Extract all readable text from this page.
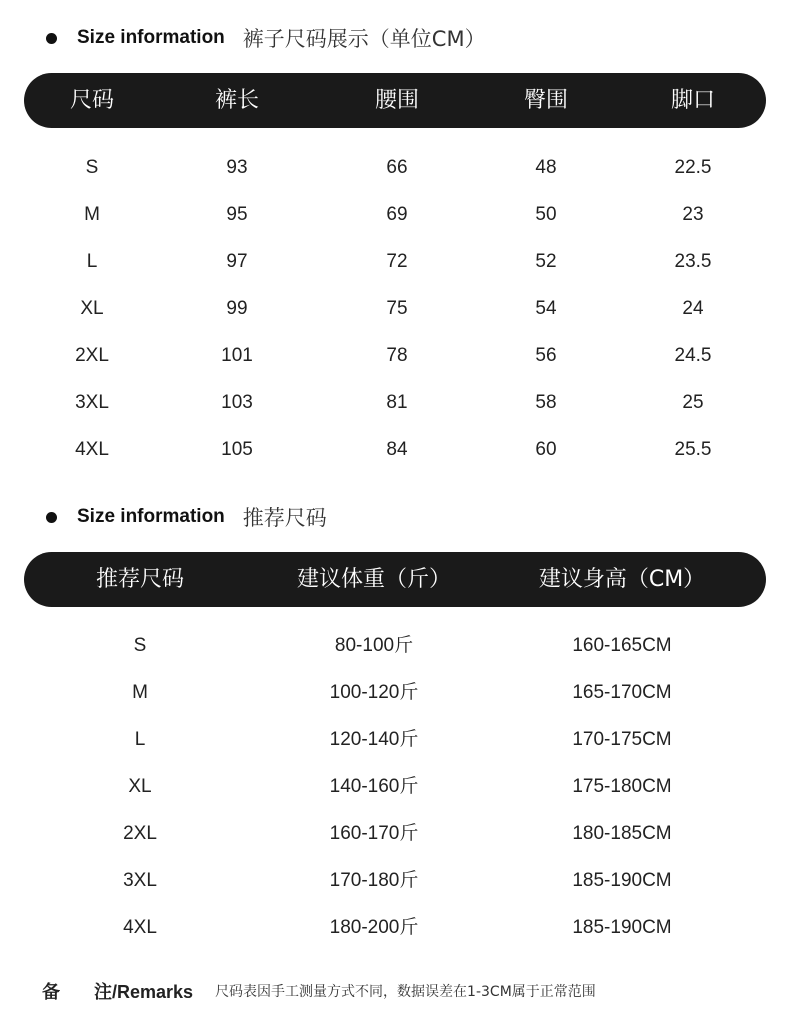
Size information 裤子尺码展示（单位CM）
尺码	裤长	腰围	臀围	脚口
S	93	66	48	22.5
M	95	69	50	23
L	97	72	52	23.5
XL	99	75	54	24
2XL	101	78	56	24.5
3XL	103	81	58	25
4XL	105	84	60	25.5
Size information 推荐尺码
推荐尺码	建议体重（斤）	建议身高（CM）
S	80-100斤	160-165CM
M	100-120斤	165-170CM
L	120-140斤	170-175CM
XL	140-160斤	175-180CM
2XL	160-170斤	180-185CM
3XL	170-180斤	185-190CM
4XL	180-200斤	185-190CM
备	注/Remarks 尺码表因手工测量方式不同，数据误差在1-3CM属于正常范围
